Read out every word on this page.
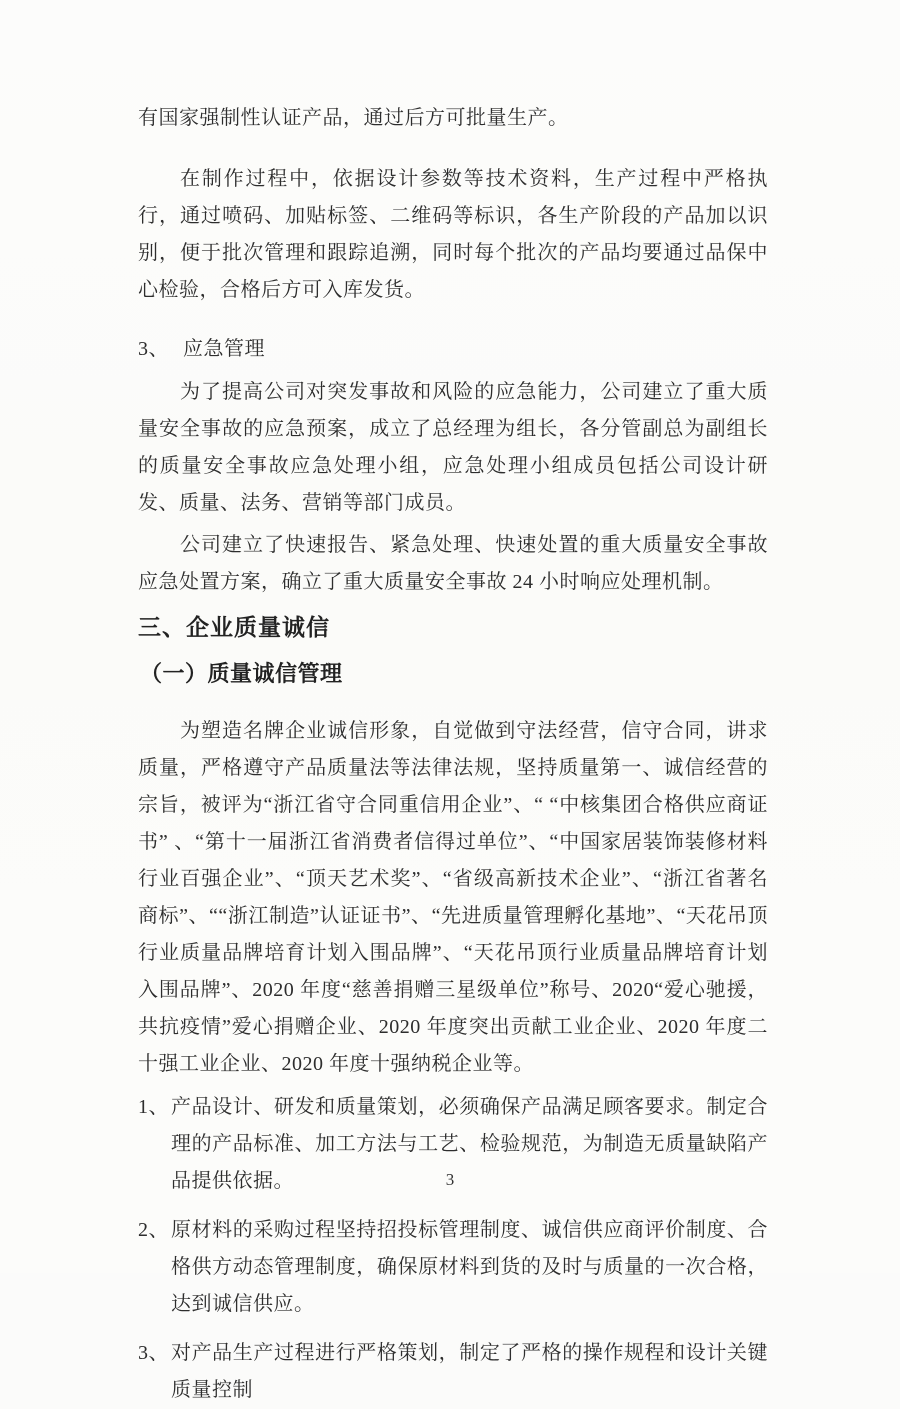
有国家强制性认证产品，通过后方可批量生产。

在制作过程中，依据设计参数等技术资料，生产过程中严格执行，通过喷码、加贴标签、二维码等标识，各生产阶段的产品加以识别，便于批次管理和跟踪追溯，同时每个批次的产品均要通过品保中心检验，合格后方可入库发货。

3、 应急管理

为了提高公司对突发事故和风险的应急能力，公司建立了重大质量安全事故的应急预案，成立了总经理为组长，各分管副总为副组长的质量安全事故应急处理小组，应急处理小组成员包括公司设计研发、质量、法务、营销等部门成员。

公司建立了快速报告、紧急处理、快速处置的重大质量安全事故应急处置方案，确立了重大质量安全事故 24 小时响应处理机制。

三、企业质量诚信
（一）质量诚信管理

为塑造名牌企业诚信形象，自觉做到守法经营，信守合同，讲求质量，严格遵守产品质量法等法律法规，坚持质量第一、诚信经营的宗旨，被评为“浙江省守合同重信用企业”、“ “中核集团合格供应商证书” 、“第十一届浙江省消费者信得过单位”、“中国家居装饰装修材料行业百强企业”、“顶天艺术奖”、“省级高新技术企业”、“浙江省著名商标”、““浙江制造”认证证书”、“先进质量管理孵化基地”、“天花吊顶行业质量品牌培育计划入围品牌”、“天花吊顶行业质量品牌培育计划入围品牌”、2020 年度“慈善捐赠三星级单位”称号、2020“爱心驰援，共抗疫情”爱心捐赠企业、2020 年度突出贡献工业企业、2020 年度二十强工业企业、2020 年度十强纳税企业等。

1、 产品设计、研发和质量策划，必须确保产品满足顾客要求。制定合理的产品标准、加工方法与工艺、检验规范，为制造无质量缺陷产品提供依据。
2、 原材料的采购过程坚持招投标管理制度、诚信供应商评价制度、合格供方动态管理制度，确保原材料到货的及时与质量的一次合格，达到诚信供应。
3、 对产品生产过程进行严格策划，制定了严格的操作规程和设计关键质量控制
3
